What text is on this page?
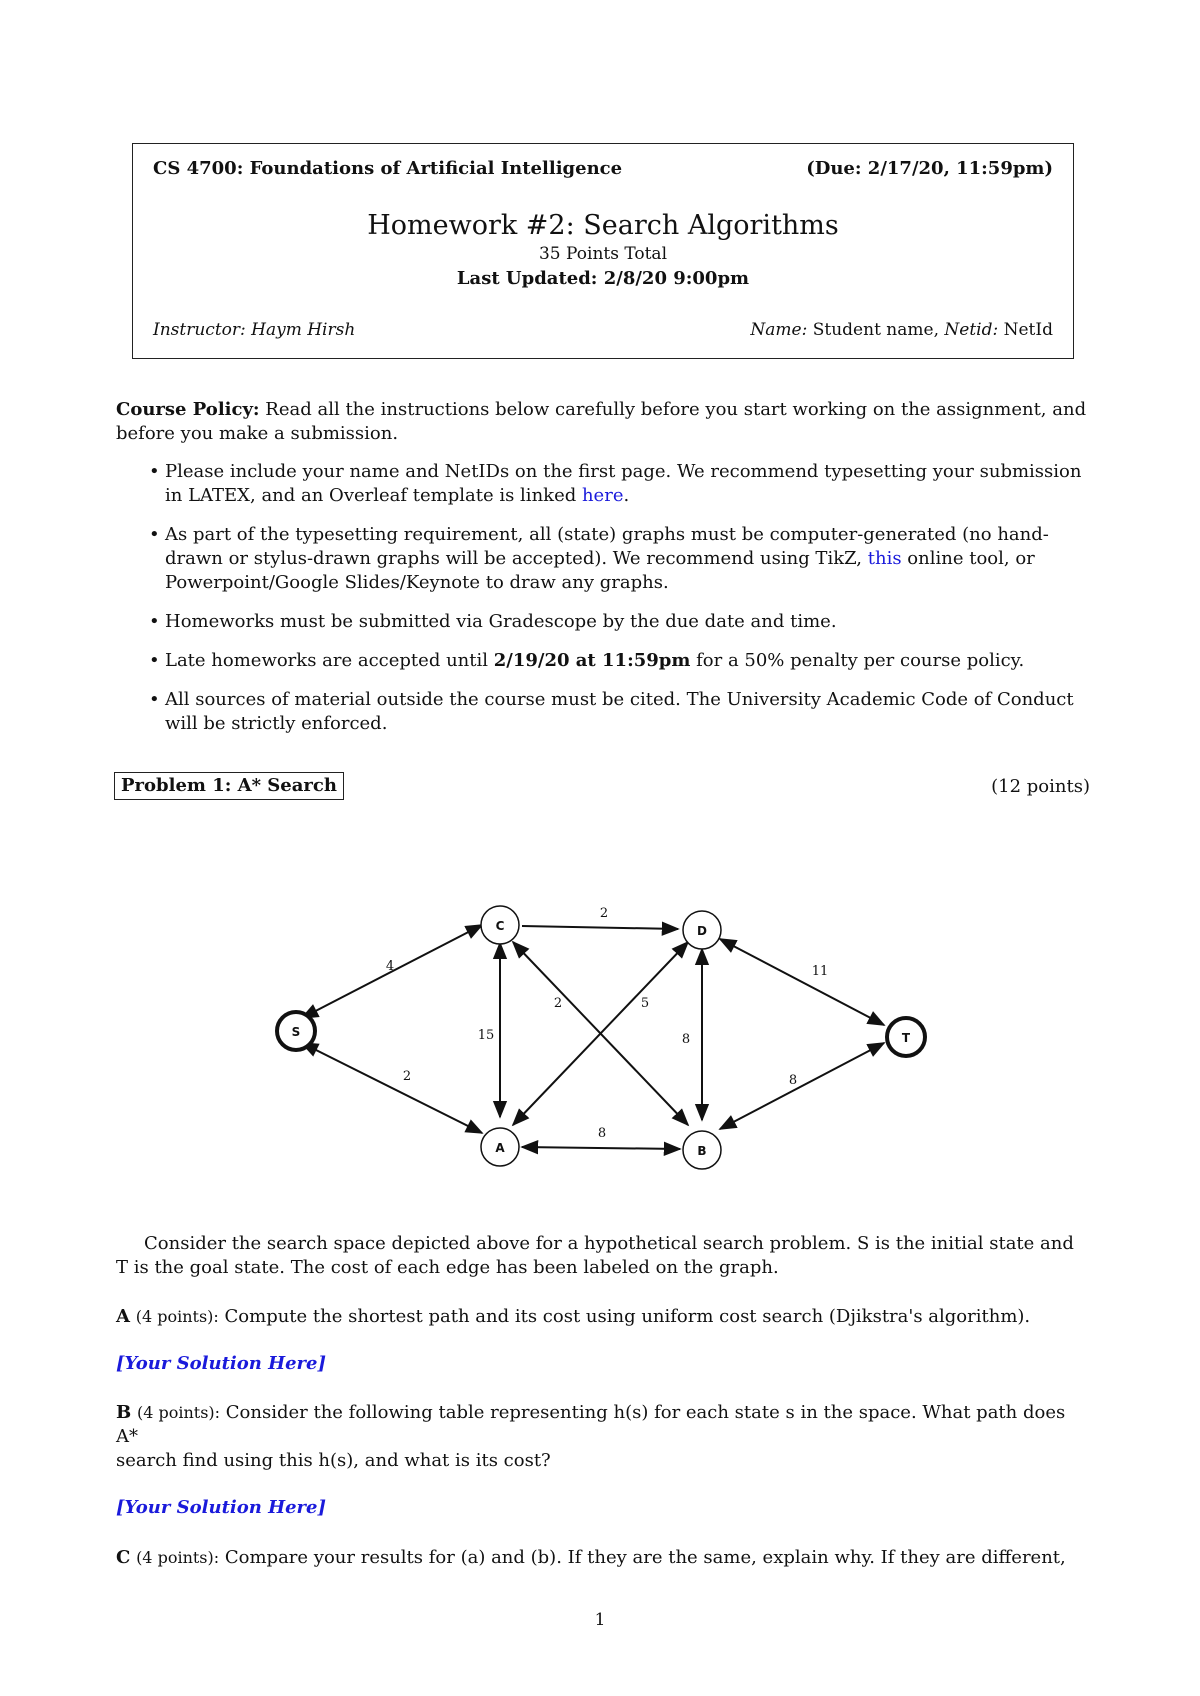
CS 4700: Foundations of Artificial Intelligence	(Due: 2/17/20, 11:59pm)
Homework #2: Search Algorithms
35 Points Total
Last Updated: 2/8/20 9:00pm
Instructor: Haym Hirsh	Name: Student name, Netid: NetId
Course Policy: Read all the instructions below carefully before you start working on the assignment, and before you make a submission.
• Please include your name and NetIDs on the first page. We recommend typesetting your submission in LATEX, and an Overleaf template is linked here.
• As part of the typesetting requirement, all (state) graphs must be computer-generated (no hand-drawn or stylus-drawn graphs will be accepted). We recommend using TikZ, this online tool, or Powerpoint/Google Slides/Keynote to draw any graphs.
• Homeworks must be submitted via Gradescope by the due date and time.
• Late homeworks are accepted until 2/19/20 at 11:59pm for a 50% penalty per course policy.
• All sources of material outside the course must be cited. The University Academic Code of Conduct will be strictly enforced.
Problem 1: A* Search	(12 points)
2
4
2
15
2	5
8
11
8
8
S
C	D
T
A	B
Consider the search space depicted above for a hypothetical search problem. S is the initial state and T is the goal state. The cost of each edge has been labeled on the graph.
A (4 points): Compute the shortest path and its cost using uniform cost search (Djikstra's algorithm).
[Your Solution Here]
B (4 points): Consider the following table representing h(s) for each state s in the space. What path does A*
search find using this h(s), and what is its cost?
[Your Solution Here]
C (4 points): Compare your results for (a) and (b). If they are the same, explain why. If they are different,
1
